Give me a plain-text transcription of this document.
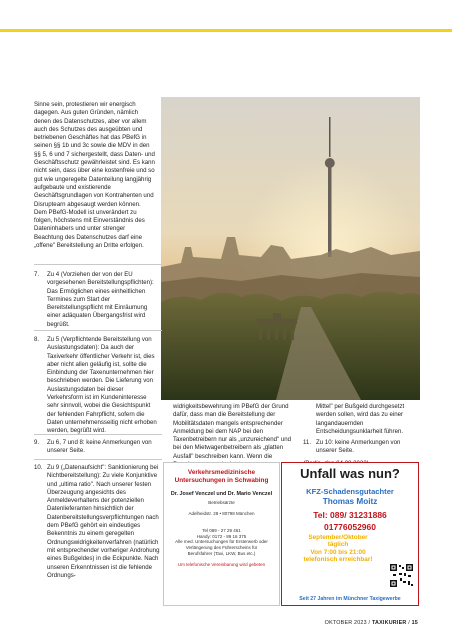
Sinne sein, protestieren wir energisch dagegen. Aus guten Gründen, nämlich denen des Datenschutzes, aber vor allem auch des Schutzes des ausgeübten und betriebenen Geschäftes hat das PBefG in seinen §§ 1b und 3c sowie die MDV in den §§ 5, 6 und 7 sichergestellt, dass Daten- und Geschäftsschutz gewährleistet sind. Es kann nicht sein, dass über eine kostenfreie und so gut wie ungeregelte Datenteilung langjährig aufgebaute und existierende Geschäftsgrundlagen von Kontrahenten und Disruptearn abgesaugt werden können. Dem PBefG-Modell ist unverändert zu folgen, höchstens mit Einverständnis des Dateninhabers und unter strenger Beachtung des Datenschutzes darf eine „offene" Bereitstellung an Dritte erfolgen.

7.	Zu 4 (Vorziehen der von der EU vorgesehenen Bereitstellungspflichten): Das Ermöglichen eines einheitlichen Termines zum Start der Bereitstellungspflicht mit Einräumung einer adäquaten Übergangsfrist wird begrüßt.
8.	Zu 5 (Verpflichtende Bereitstellung von Auslastungsdaten): Da auch der Taxiverkehr öffentlicher Verkehr ist, dies aber nicht allen geläufig ist, sollte die Einbindung der Taxenunternehmen hier beschrieben werden. Die Lieferung von Auslastungsdaten bei dieser Verkehrsform ist im Kundeninteresse sehr sinnvoll, wobei die Gesichtspunkt der fehlenden Fahrpflicht, sofern die Daten unternehmensseitig nicht erhoben werden, begrüßt wird.
9.	Zu 6, 7 und 8: keine Anmerkungen von unserer Seite.
10. Zu 9 („Datenaufsicht": Sanktionierung bei Nichtbereitstellung): Zu viele Konjunktive und „ultima ratio". Nach unserer festen Überzeugung angesichts des Anmeldeverhaltens der potenziellen Datenlieferanten hinsichtlich der Datenbereitstellungsverpflichtungen nach dem PBefG gehört ein eindeutiges Bekenntnis zu einem geregelten Ordnungswidrigkeitenverfahren (natürlich mit entsprechender vorheriger Androhung eines Bußgeldes) in die Eckpunkte. Nach unseren Erkenntnissen ist die fehlende Ordnungs-

widrigkeitsbewehrung im PBefG der Grund dafür, dass man die Bereitstellung der Mobilitätsdaten mangels entsprechender Anmeldung bei dem NAP bei den Taxenbetreibern nur als „unzureichend" und bei den Mietwagenbetreibern als „glatten Ausfall" beschreiben kann. Wenn die

Mittel" per Bußgeld durchgesetzt werden sollen, wird das zu einer langandauernden Entscheidungsunklarheit führen.

11. Zu 10: keine Anmerkungen von unserer Seite.

Verkehrsmedizinische Untersuchungen in Schwabing
Dr. Josef Venczel und Dr. Mario Venczel
Betriebsärzte
Adelheidstr. 28 • 80798 München
Tel 089 - 27 29 461
Handy: 0172 - 89 16 375
Alle med. Untersuchungen für Ersterwerb oder Verlängerung des Führerscheins für Berufsfahrer (Taxi, LKW, Bus etc.)
Um telefonische Vereinbarung wird gebeten
Unfall was nun?
KFZ-Schadensgutachter
Thomas Moitz
Tel: 089/ 31231886
01776052960
September/Oktober
täglich
Von 7:00 bis 21:00
telefonisch erreichbar!
Seit 27 Jahren im Münchner Taxigewerbe
OKTOBER 2023 / TAXIKURIER / 15
